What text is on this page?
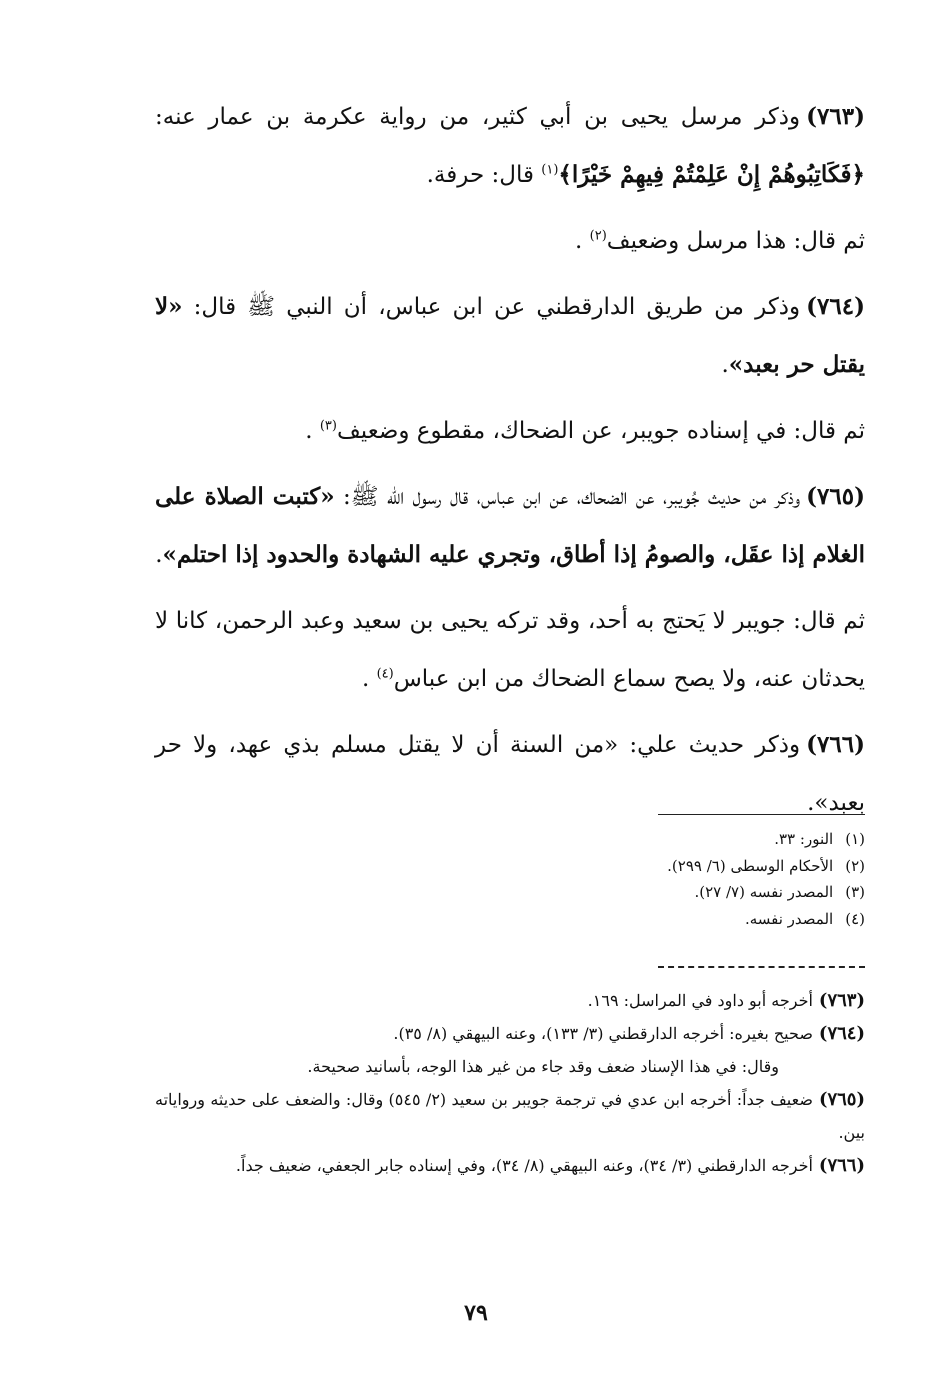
(٧٦٣)وذكر مرسل يحيى بن أبي كثير، من رواية عكرمة بن عمار عنه: ﴿فَكَاتِبُوهُمْ إِنْ عَلِمْتُمْ فِيهِمْ خَيْرًا﴾$^{(١)}$ قال: حرفة.

ثم قال: هذا مرسل وضعيف$^{(٢)}$ .

(٧٦٤)وذكر من طريق الدارقطني عن ابن عباس، أن النبي ﷺ قال: «لا يقتل حر بعبد».

ثم قال: في إسناده جويبر، عن الضحاك، مقطوع وضعيف$^{(٣)}$ .

(٧٦٥)وذكر من حديث جُويبر، عن الضحاك، عن ابن عباس، قال رسول الله ﷺ: «كتبت الصلاة على الغلام إذا عقَل، والصومُ إذا أطاق، وتجري عليه الشهادة والحدود إذا احتلم».

ثم قال: جويبر لا يَحتج به أحد، وقد تركه يحيى بن سعيد وعبد الرحمن، كانا لا يحدثان عنه، ولا يصح سماع الضحاك من ابن عباس$^{(٤)}$ .

(٧٦٦)وذكر حديث علي: «من السنة أن لا يقتل مسلم بذي عهد، ولا حر بعبد».

(١)النور: ٣٣.
(٢)الأحكام الوسطى (٦/ ٢٩٩).
(٣)المصدر نفسه (٧/ ٢٧).
(٤)المصدر نفسه.

(٧٦٣)أخرجه أبو داود في المراسل: ١٦٩.

(٧٦٤)صحيح بغيره: أخرجه الدارقطني (٣/ ١٣٣)، وعنه البيهقي (٨/ ٣٥).

وقال: في هذا الإسناد ضعف وقد جاء من غير هذا الوجه، بأسانيد صحيحة.

(٧٦٥)ضعيف جداً: أخرجه ابن عدي في ترجمة جويبر بن سعيد (٢/ ٥٤٥) وقال: والضعف على حديثه ورواياته بين.

(٧٦٦)أخرجه الدارقطني (٣/ ٣٤)، وعنه البيهقي (٨/ ٣٤)، وفي إسناده جابر الجعفي، ضعيف جداً.

٧٩
